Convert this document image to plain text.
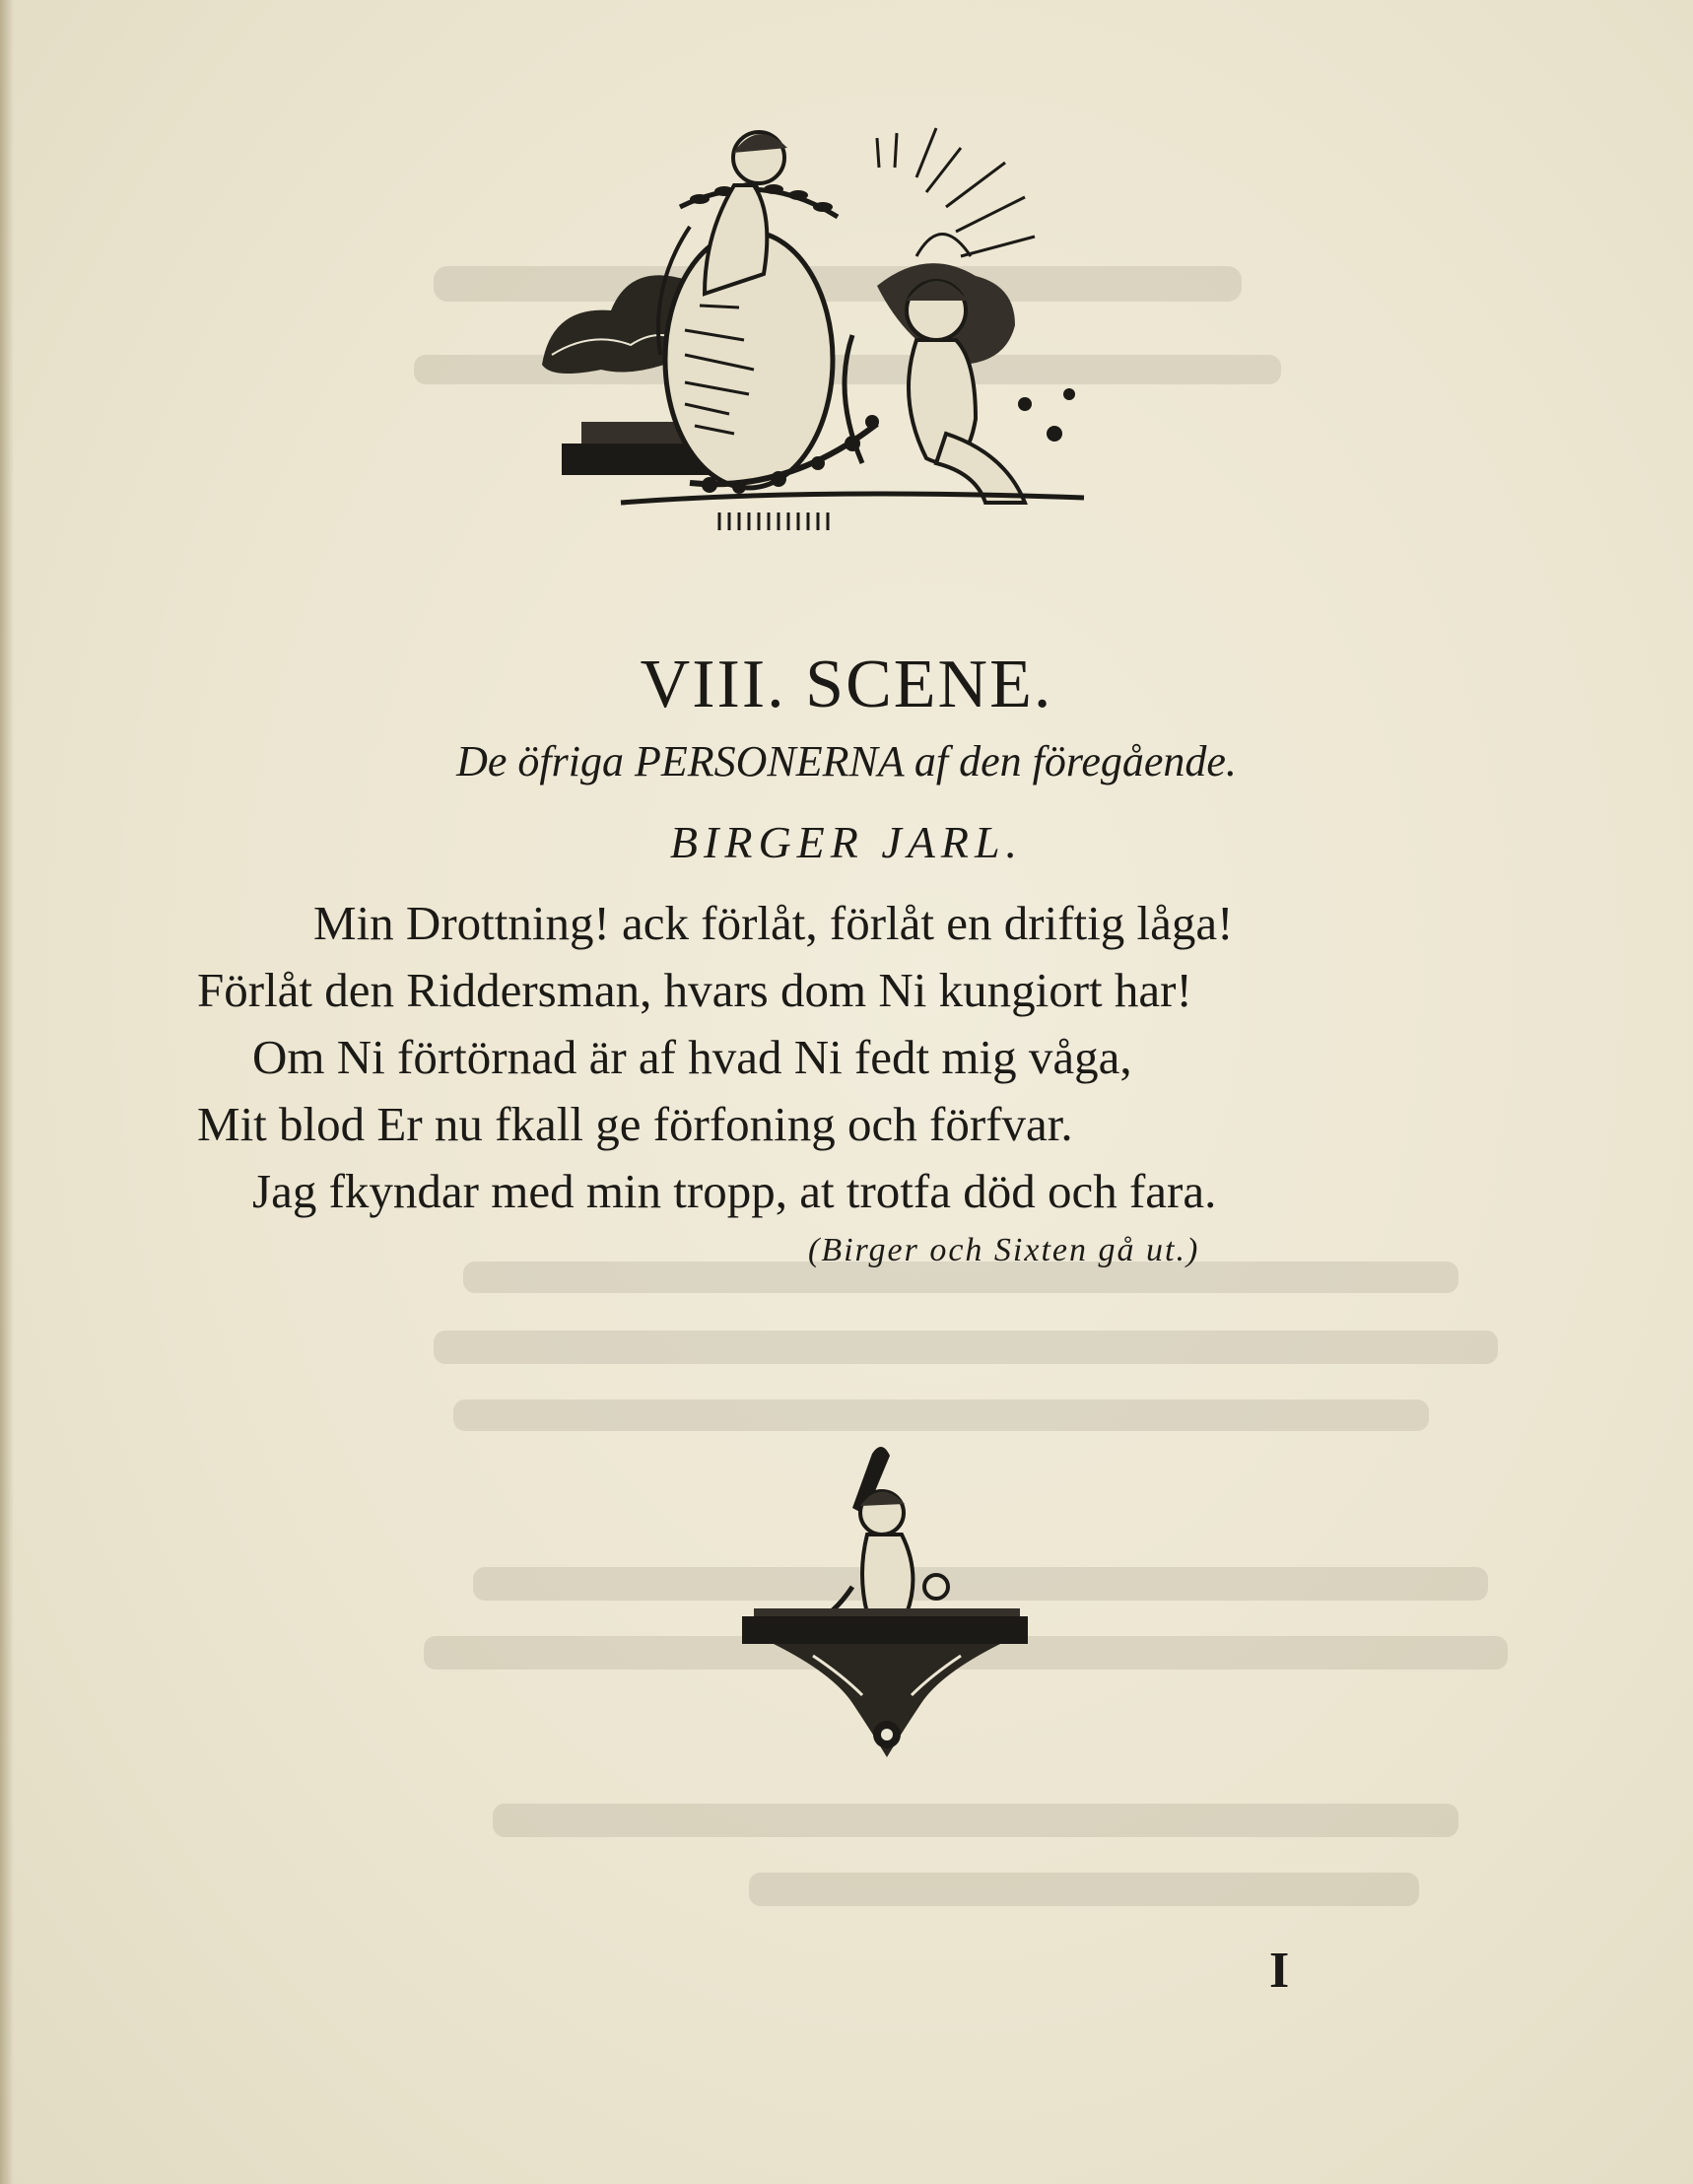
VIII. SCENE.
De öfriga PERSONERNA af den föregående.
BIRGER JARL.
Min Drottning! ack förlåt, förlåt en driftig låga!
Förlåt den Riddersman, hvars dom Ni kungiort har!
Om Ni förtörnad är af hvad Ni fedt mig våga,
Mit blod Er nu fkall ge förfoning och förfvar.
Jag fkyndar med min tropp, at trotfa död och fara.
(Birger och Sixten gå ut.)
I
